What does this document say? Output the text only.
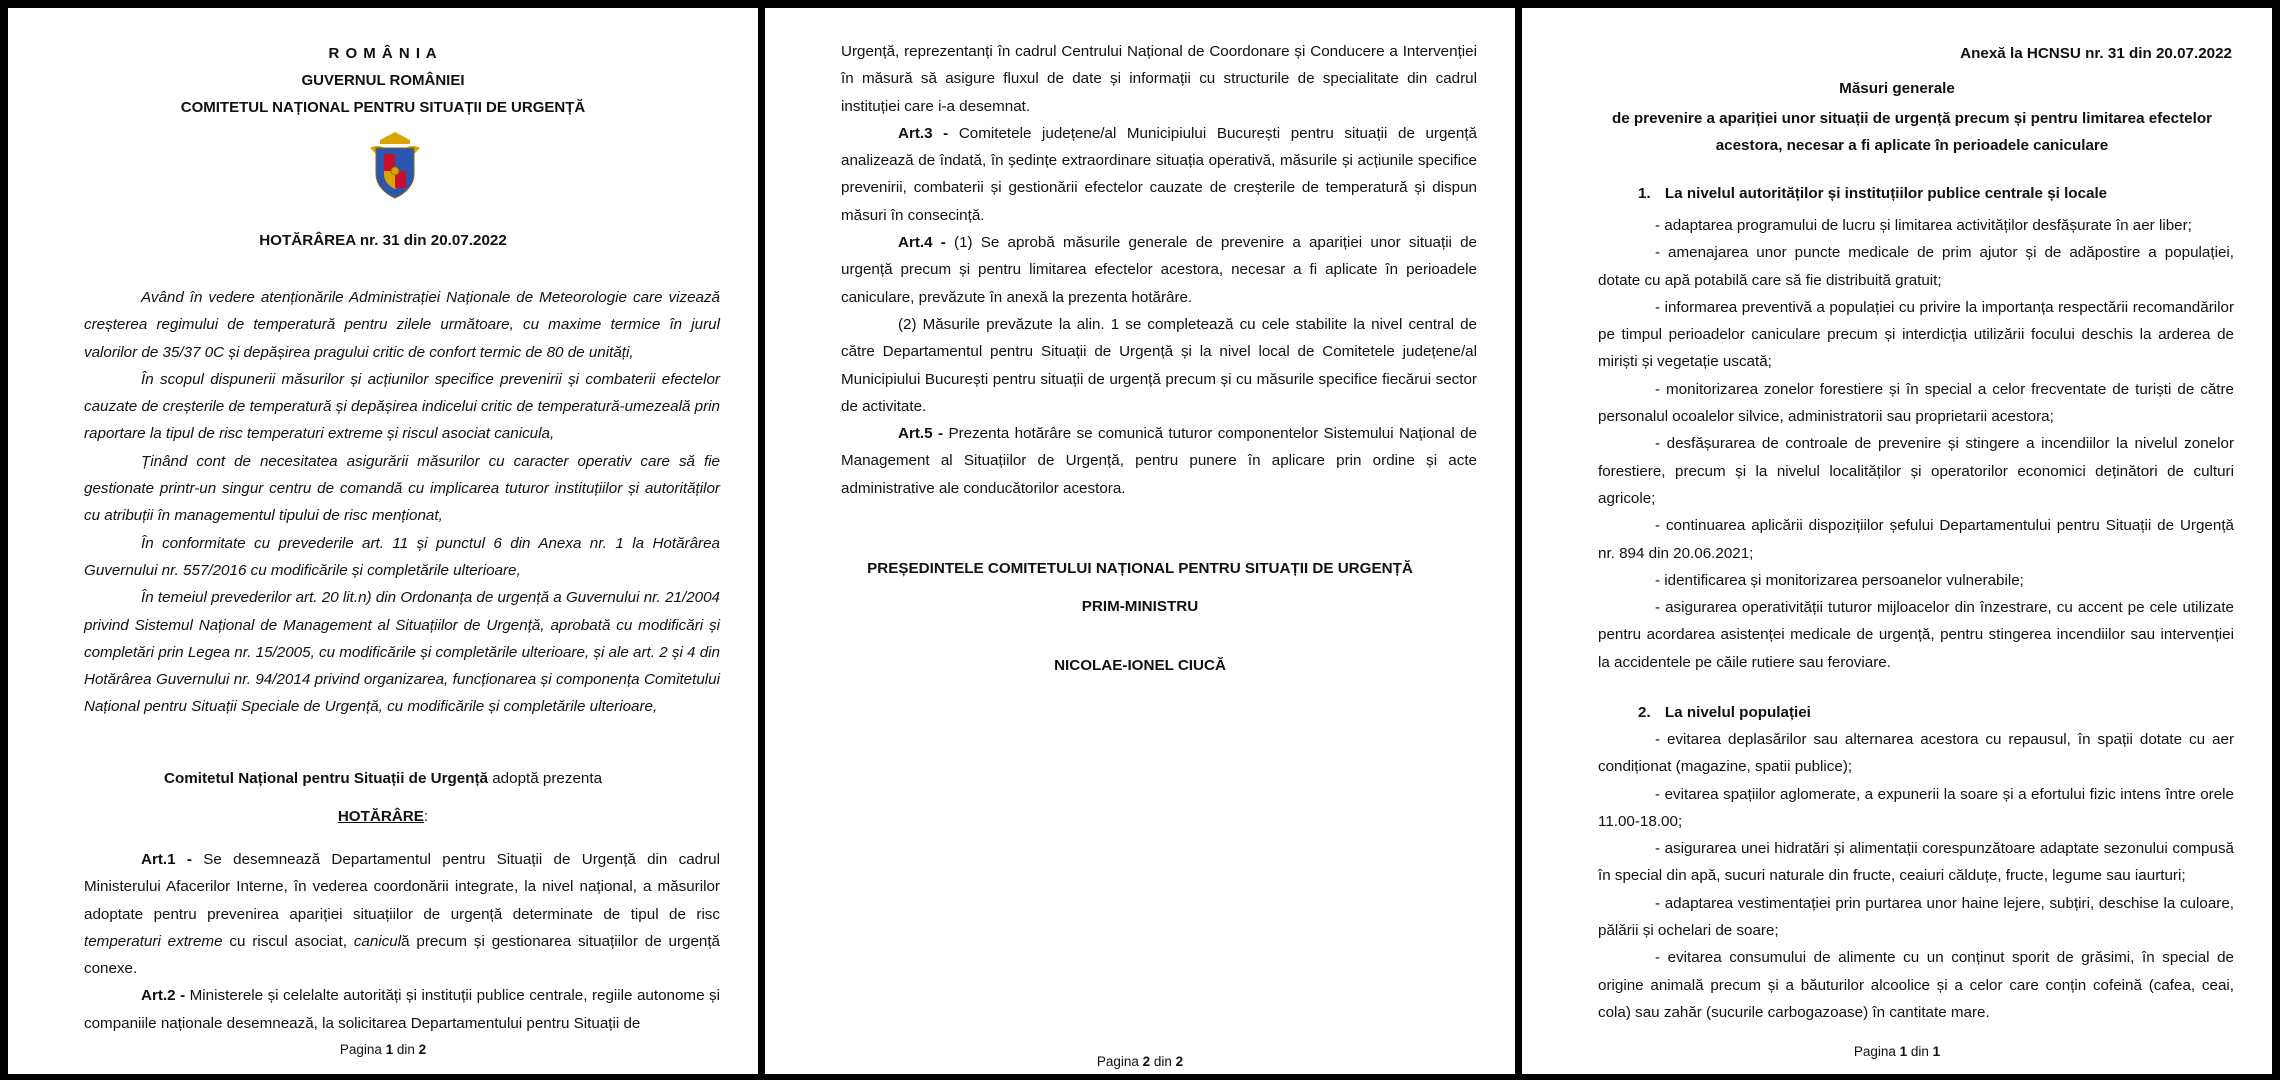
R O M Â N I A
GUVERNUL ROMÂNIEI
COMITETUL NAȚIONAL PENTRU SITUAȚII DE URGENȚĂ
HOTĂRÂREA nr. 31 din 20.07.2022

Având în vedere atenționările Administrației Naționale de Meteorologie care vizează creșterea regimului de temperatură pentru zilele următoare, cu maxime termice în jurul valorilor de 35/37 0C și depășirea pragului critic de confort termic de 80 de unități,

În scopul dispunerii măsurilor și acțiunilor specifice prevenirii și combaterii efectelor cauzate de creșterile de temperatură și depășirea indicelui critic de temperatură-umezeală prin raportare la tipul de risc temperaturi extreme și riscul asociat canicula,

Ținând cont de necesitatea asigurării măsurilor cu caracter operativ care să fie gestionate printr-un singur centru de comandă cu implicarea tuturor instituțiilor și autorităților cu atribuții în managementul tipului de risc menționat,

În conformitate cu prevederile art. 11 și punctul 6 din Anexa nr. 1 la Hotărârea Guvernului nr. 557/2016 cu modificările și completările ulterioare,

În temeiul prevederilor art. 20 lit.n) din Ordonanța de urgență a Guvernului nr. 21/2004 privind Sistemul Național de Management al Situațiilor de Urgență, aprobată cu modificări și completări prin Legea nr. 15/2005, cu modificările și completările ulterioare, și ale art. 2 și 4 din Hotărârea Guvernului nr. 94/2014 privind organizarea, funcționarea și componența Comitetului Național pentru Situații Speciale de Urgență, cu modificările și completările ulterioare,

Comitetul Național pentru Situații de Urgență adoptă prezenta
HOTĂRÂRE:

Art.1 - Se desemnează Departamentul pentru Situații de Urgență din cadrul Ministerului Afacerilor Interne, în vederea coordonării integrate, la nivel național, a măsurilor adoptate pentru prevenirea apariției situațiilor de urgență determinate de tipul de risc temperaturi extreme cu riscul asociat, caniculă precum și gestionarea situațiilor de urgență conexe.

Art.2 - Ministerele și celelalte autorități și instituții publice centrale, regiile autonome și companiile naționale desemnează, la solicitarea Departamentului pentru Situații de

Pagina 1 din 2

Urgență, reprezentanți în cadrul Centrului Național de Coordonare și Conducere a Intervenției în măsură să asigure fluxul de date și informații cu structurile de specialitate din cadrul instituției care i-a desemnat.

Art.3 - Comitetele județene/al Municipiului București pentru situații de urgență analizează de îndată, în ședințe extraordinare situația operativă, măsurile și acțiunile specifice prevenirii, combaterii și gestionării efectelor cauzate de creșterile de temperatură și dispun măsuri în consecință.

Art.4 - (1) Se aprobă măsurile generale de prevenire a apariției unor situații de urgență precum și pentru limitarea efectelor acestora, necesar a fi aplicate în perioadele caniculare, prevăzute în anexă la prezenta hotărâre.

(2) Măsurile prevăzute la alin. 1 se completează cu cele stabilite la nivel central de către Departamentul pentru Situații de Urgență și la nivel local de Comitetele județene/al Municipiului București pentru situații de urgență precum și cu măsurile specifice fiecărui sector de activitate.

Art.5 - Prezenta hotărâre se comunică tuturor componentelor Sistemului Național de Management al Situațiilor de Urgență, pentru punere în aplicare prin ordine și acte administrative ale conducătorilor acestora.

PREȘEDINTELE COMITETULUI NAȚIONAL PENTRU SITUAȚII DE URGENȚĂ
PRIM-MINISTRU
NICOLAE-IONEL CIUCĂ
Pagina 2 din 2
Anexă la HCNSU nr. 31 din 20.07.2022
Măsuri generale
de prevenire a apariției unor situații de urgență precum și pentru limitarea efectelor acestora, necesar a fi aplicate în perioadele caniculare
1. La nivelul autorităților și instituțiilor publice centrale și locale

- adaptarea programului de lucru și limitarea activităților desfășurate în aer liber;

- amenajarea unor puncte medicale de prim ajutor și de adăpostire a populației, dotate cu apă potabilă care să fie distribuită gratuit;

- informarea preventivă a populației cu privire la importanța respectării recomandărilor pe timpul perioadelor caniculare precum și interdicția utilizării focului deschis la arderea de miriști și vegetație uscată;

- monitorizarea zonelor forestiere și în special a celor frecventate de turiști de către personalul ocoalelor silvice, administratorii sau proprietarii acestora;

- desfășurarea de controale de prevenire și stingere a incendiilor la nivelul zonelor forestiere, precum și la nivelul localităților și operatorilor economici deținători de culturi agricole;

- continuarea aplicării dispozițiilor șefului Departamentului pentru Situații de Urgență nr. 894 din 20.06.2021;

- identificarea și monitorizarea persoanelor vulnerabile;

- asigurarea operativității tuturor mijloacelor din înzestrare, cu accent pe cele utilizate pentru acordarea asistenței medicale de urgență, pentru stingerea incendiilor sau intervenției la accidentele pe căile rutiere sau feroviare.

2. La nivelul populației

- evitarea deplasărilor sau alternarea acestora cu repausul, în spații dotate cu aer condiționat (magazine, spatii publice);

- evitarea spațiilor aglomerate, a expunerii la soare și a efortului fizic intens între orele 11.00-18.00;

- asigurarea unei hidratări și alimentații corespunzătoare adaptate sezonului compusă în special din apă, sucuri naturale din fructe, ceaiuri călduțe, fructe, legume sau iaurturi;

- adaptarea vestimentației prin purtarea unor haine lejere, subțiri, deschise la culoare, pălării și ochelari de soare;

- evitarea consumului de alimente cu un conținut sporit de grăsimi, în special de origine animală precum și a băuturilor alcoolice și a celor care conțin cofeină (cafea, ceai, cola) sau zahăr (sucurile carbogazoase) în cantitate mare.

Pagina 1 din 1
